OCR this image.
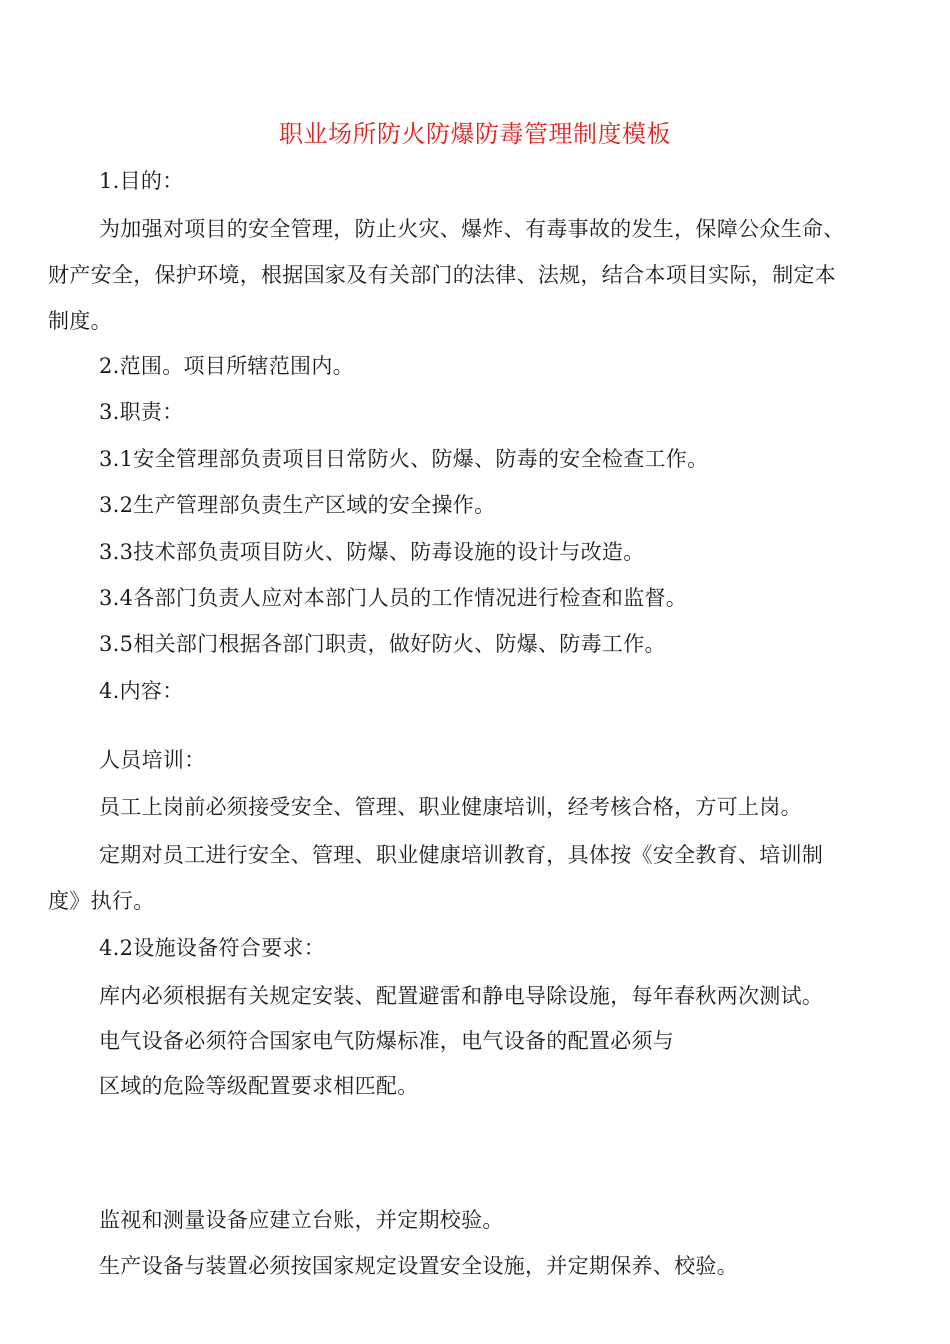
职业场所防火防爆防毒管理制度模板
1.目的：
为加强对项目的安全管理，防止火灾、爆炸、有毒事故的发生，保障公众生命、
财产安全，保护环境，根据国家及有关部门的法律、法规，结合本项目实际，制定本
制度。
2.范围。项目所辖范围内。
3.职责：
3.1安全管理部负责项目日常防火、防爆、防毒的安全检查工作。
3.2生产管理部负责生产区域的安全操作。
3.3技术部负责项目防火、防爆、防毒设施的设计与改造。
3.4各部门负责人应对本部门人员的工作情况进行检查和监督。
3.5相关部门根据各部门职责，做好防火、防爆、防毒工作。
4.内容：
人员培训：
员工上岗前必须接受安全、管理、职业健康培训，经考核合格，方可上岗。
定期对员工进行安全、管理、职业健康培训教育，具体按《安全教育、培训制
度》执行。
4.2设施设备符合要求：
库内必须根据有关规定安装、配置避雷和静电导除设施，每年春秋两次测试。
电气设备必须符合国家电气防爆标准，电气设备的配置必须与
区域的危险等级配置要求相匹配。
监视和测量设备应建立台账，并定期校验。
生产设备与装置必须按国家规定设置安全设施，并定期保养、校验。
